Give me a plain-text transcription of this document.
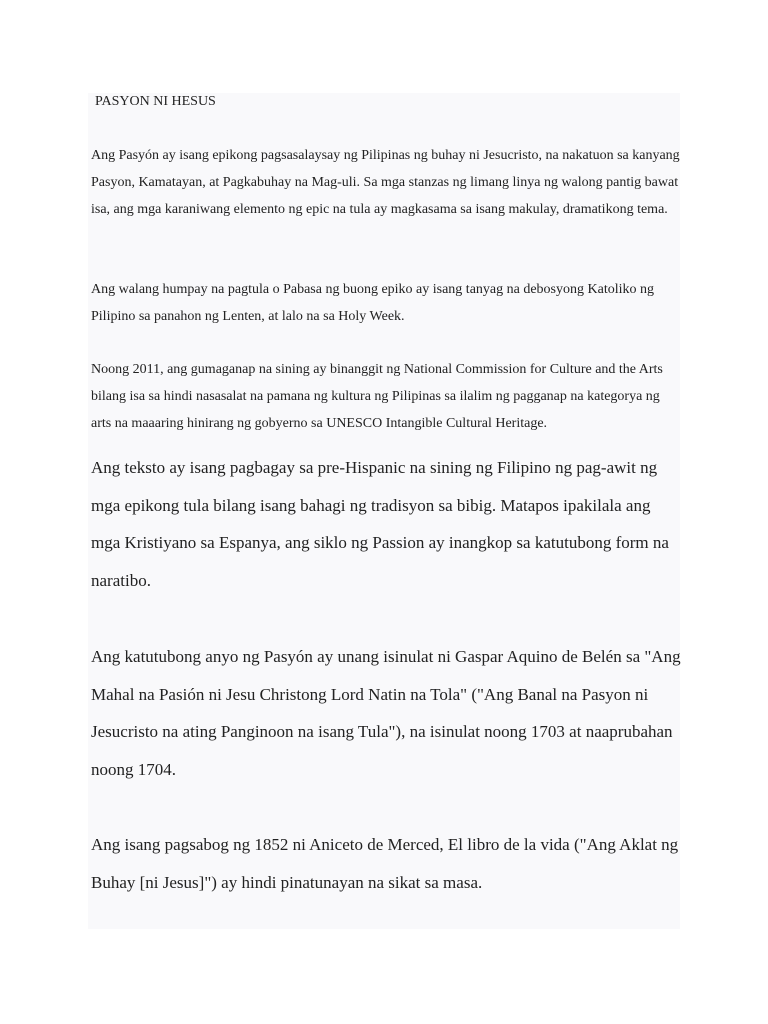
PASYON NI HESUS

Ang Pasyón ay isang epikong pagsasalaysay ng Pilipinas ng buhay ni Jesucristo, na nakatuon sa kanyang Pasyon, Kamatayan, at Pagkabuhay na Mag-uli. Sa mga stanzas ng limang linya ng walong pantig bawat isa, ang mga karaniwang elemento ng epic na tula ay magkasama sa isang makulay, dramatikong tema.

Ang walang humpay na pagtula o Pabasa ng buong epiko ay isang tanyag na debosyong Katoliko ng Pilipino sa panahon ng Lenten, at lalo na sa Holy Week.

Noong 2011, ang gumaganap na sining ay binanggit ng National Commission for Culture and the Arts bilang isa sa hindi nasasalat na pamana ng kultura ng Pilipinas sa ilalim ng pagganap na kategorya ng arts na maaaring hinirang ng gobyerno sa UNESCO Intangible Cultural Heritage.

Ang teksto ay isang pagbagay sa pre-Hispanic na sining ng Filipino ng pag-awit ng mga epikong tula bilang isang bahagi ng tradisyon sa bibig. Matapos ipakilala ang mga Kristiyano sa Espanya, ang siklo ng Passion ay inangkop sa katutubong form na naratibo.

Ang katutubong anyo ng Pasyón ay unang isinulat ni Gaspar Aquino de Belén sa "Ang Mahal na Pasión ni Jesu Christong Lord Natin na Tola" ("Ang Banal na Pasyon ni Jesucristo na ating Panginoon na isang Tula"), na isinulat noong 1703 at naaprubahan noong 1704.

Ang isang pagsabog ng 1852 ni Aniceto de Merced, El libro de la vida ("Ang Aklat ng Buhay [ni Jesus]") ay hindi pinatunayan na sikat sa masa.
